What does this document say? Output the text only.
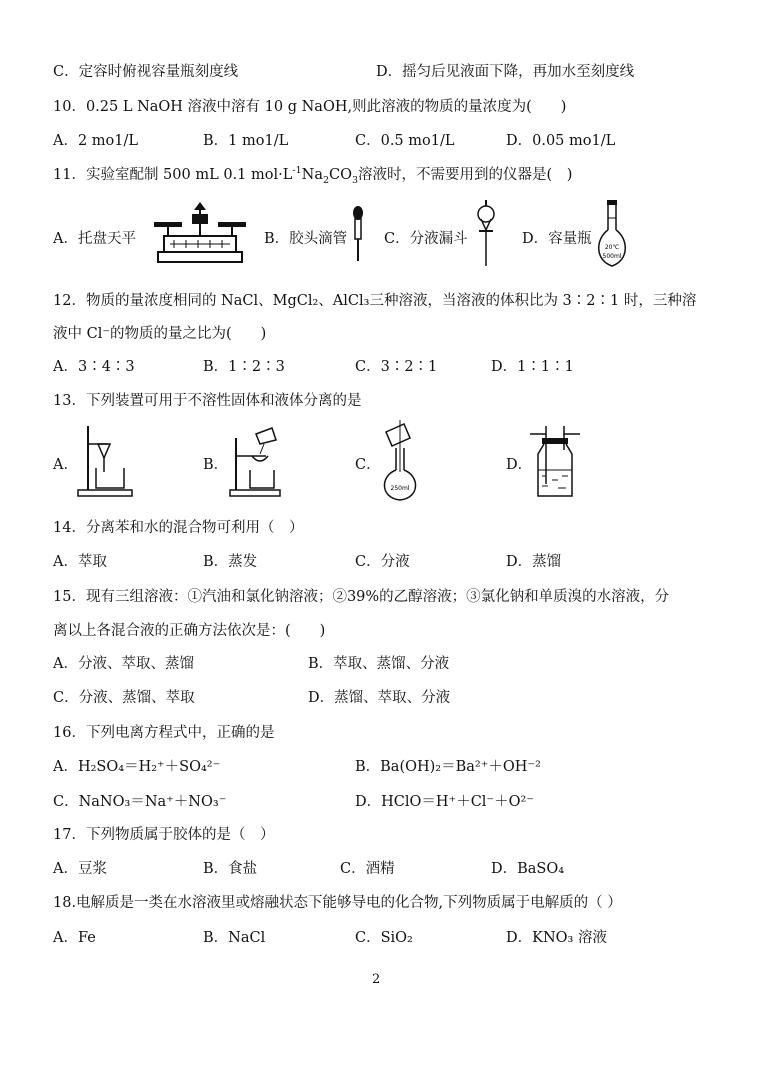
C．定容时俯视容量瓶刻度线	D．摇匀后见液面下降，再加水至刻度线
10．0.25 L NaOH 溶液中溶有 10 g NaOH,则此溶液的物质的量浓度为(　　)
A．2 mo1/L	B．1 mo1/L	C．0.5 mo1/L	D．0.05 mo1/L
11．实验室配制 500 mL 0.1 $mol\cdot L^{-1}Na_2CO_3$溶液时，不需要用到的仪器是(　)
A．托盘天平	B．胶头滴管	C．分液漏斗	D．容量瓶
20℃
500ml
12．物质的量浓度相同的 NaCl、MgCl₂、AlCl₃三种溶液，当溶液的体积比为 3∶2∶1 时，三种溶
液中 Cl⁻的物质的量之比为(　　)
A．3∶4∶3	B．1∶2∶3	C．3∶2∶1	D．1∶1∶1
13．下列装置可用于不溶性固体和液体分离的是
A．	B．	C．
250ml
D．
14．分离苯和水的混合物可利用（　）
A．萃取	B．蒸发	C．分液	D．蒸馏
15．现有三组溶液：①汽油和氯化钠溶液；②39%的乙醇溶液；③氯化钠和单质溴的水溶液，分
离以上各混合液的正确方法依次是：(　　)
A．分液、萃取、蒸馏	B．萃取、蒸馏、分液
C．分液、蒸馏、萃取	D．蒸馏、萃取、分液
16．下列电离方程式中，正确的是
A．H₂SO₄＝H₂⁺＋SO₄²⁻	B．Ba(OH)₂＝Ba²⁺＋OH⁻²
C．NaNO₃＝Na⁺＋NO₃⁻	D．HClO＝H⁺＋Cl⁻＋O²⁻
17．下列物质属于胶体的是（　）
A．豆浆	B．食盐	C．酒精	D．BaSO₄
18.电解质是一类在水溶液里或熔融状态下能够导电的化合物,下列物质属于电解质的（ ）
A．Fe	B．NaCl	C．SiO₂	D．KNO₃ 溶液
2
